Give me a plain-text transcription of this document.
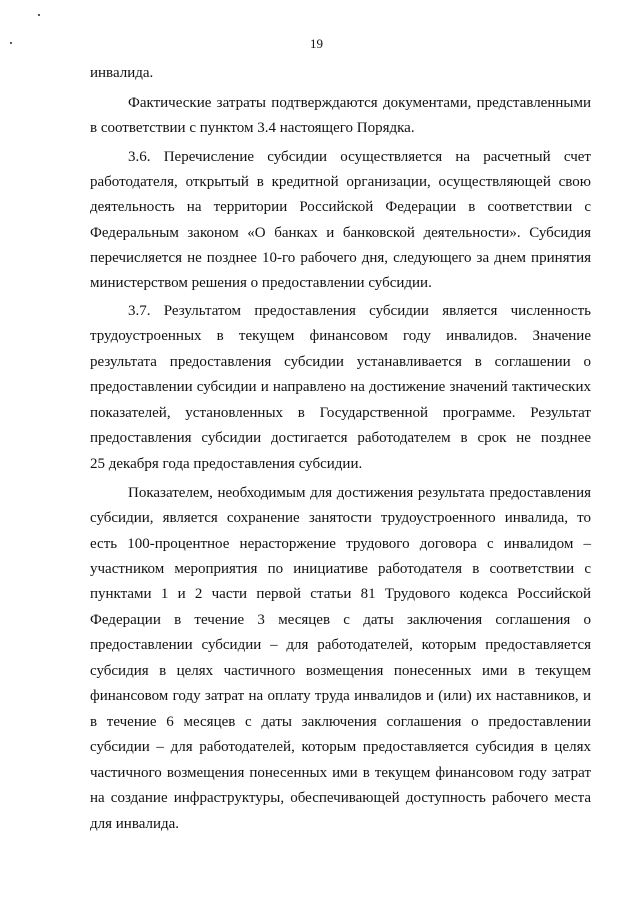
19
инвалида.
Фактические затраты подтверждаются документами, представленными
в соответствии с пунктом 3.4 настоящего Порядка.
3.6. Перечисление субсидии осуществляется на расчетный счет
работодателя, открытый в кредитной организации, осуществляющей свою
деятельность на территории Российской Федерации в соответствии с
Федеральным законом «О банках и банковской деятельности». Субсидия
перечисляется не позднее 10-го рабочего дня, следующего за днем принятия
министерством решения о предоставлении субсидии.
3.7. Результатом предоставления субсидии является численность
трудоустроенных в текущем финансовом году инвалидов. Значение
результата предоставления субсидии устанавливается в соглашении о
предоставлении субсидии и направлено на достижение значений тактических
показателей, установленных в Государственной программе. Результат
предоставления субсидии достигается работодателем в срок не позднее
25 декабря года предоставления субсидии.
Показателем, необходимым для достижения результата предоставления
субсидии, является сохранение занятости трудоустроенного инвалида, то
есть 100-процентное нерасторжение трудового договора с инвалидом –
участником мероприятия по инициативе работодателя в соответствии с
пунктами 1 и 2 части первой статьи 81 Трудового кодекса Российской
Федерации в течение 3 месяцев с даты заключения соглашения о
предоставлении субсидии – для работодателей, которым предоставляется
субсидия в целях частичного возмещения понесенных ими в текущем
финансовом году затрат на оплату труда инвалидов и (или) их наставников, и
в течение 6 месяцев с даты заключения соглашения о предоставлении
субсидии – для работодателей, которым предоставляется субсидия в целях
частичного возмещения понесенных ими в текущем финансовом году затрат
на создание инфраструктуры, обеспечивающей доступность рабочего места
для инвалида.
